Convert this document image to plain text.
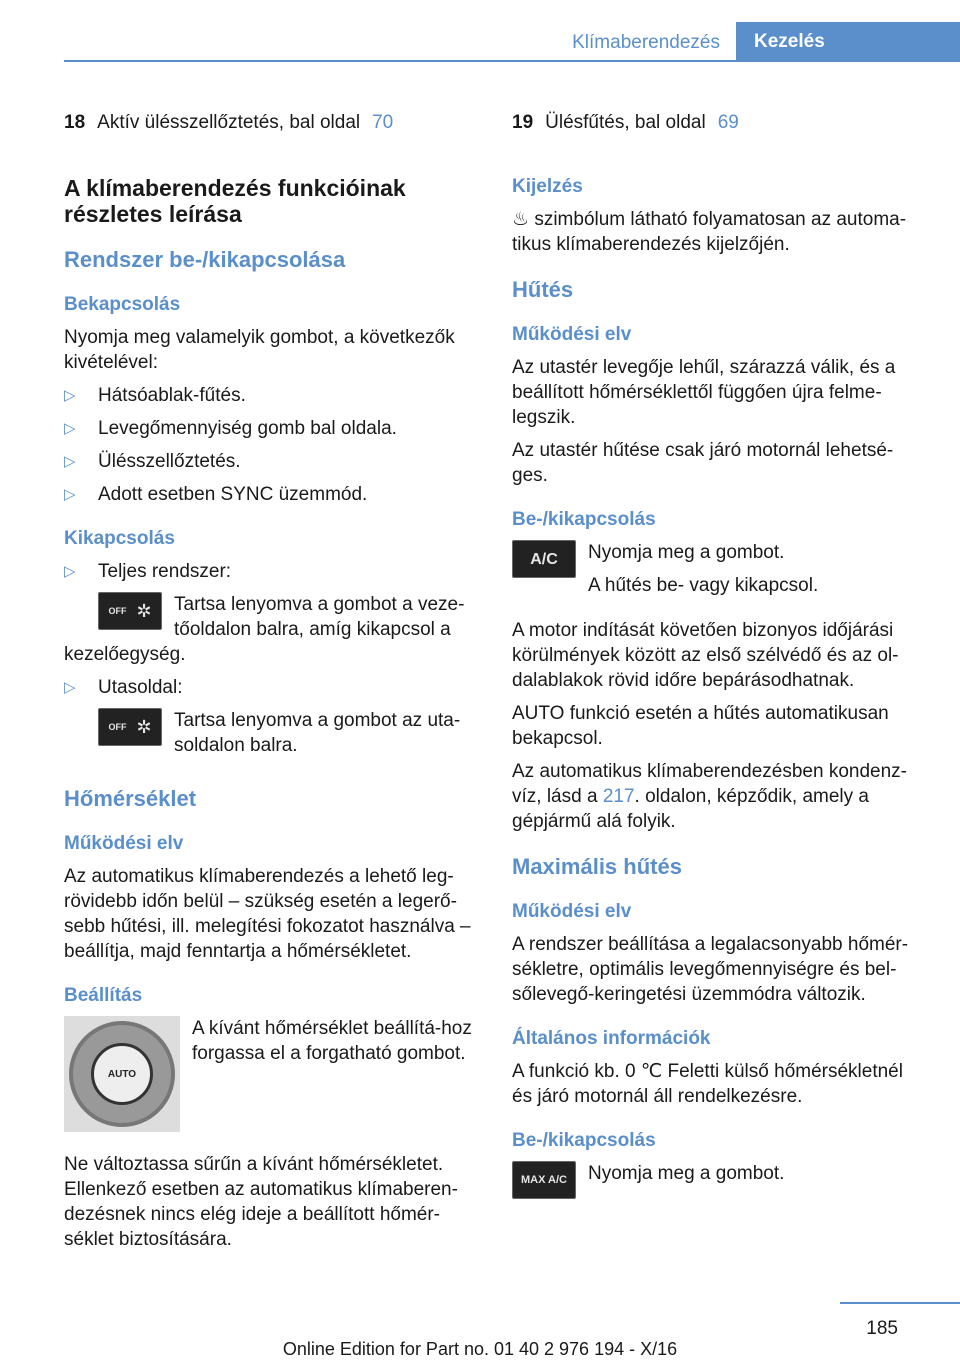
Klímaberendezés	Kezelés
18 Aktív ülésszellőztetés, bal oldal 70
A klímaberendezés funkcióinak részletes leírása
Rendszer be-/kikapcsolása
Bekapcsolás

Nyomja meg valamelyik gombot, a következők kivételével:

▷	Hátsóablak-fűtés.
▷	Levegőmennyiség gomb bal oldala.
▷	Ülésszellőztetés.
▷	Adott esetben SYNC üzemmód.
Kikapcsolás
▷	Teljes rendszer:
OFF ✲	Tartsa lenyomva a gombot a veze-tőoldalon balra, amíg kikapcsol a

kezelőegység.

▷	Utasoldal:
OFF ✲	Tartsa lenyomva a gombot az uta-soldalon balra.
Hőmérséklet
Működési elv

Az automatikus klímaberendezés a lehető leg-rövidebb időn belül – szükség esetén a legerő-sebb hűtési, ill. melegítési fokozatot használva – beállítja, majd fenntartja a hőmérsékletet.

Beállítás
AUTO
A kívánt hőmérséklet beállítá-hoz forgassa el a forgatható gombot.

Ne változtassa sűrűn a kívánt hőmérsékletet. Ellenkező esetben az automatikus klímaberen-dezésnek nincs elég ideje a beállított hőmér-séklet biztosítására.

19 Ülésfűtés, bal oldal 69
Kijelzés

♨ szimbólum látható folyamatosan az automa-tikus klímaberendezés kijelzőjén.

Hűtés
Működési elv

Az utastér levegője lehűl, szárazzá válik, és a beállított hőmérséklettől függően újra felme-legszik.

Az utastér hűtése csak járó motornál lehetsé-ges.

Be-/kikapcsolás
A/C	Nyomja meg a gombot.

A hűtés be- vagy kikapcsol.

A motor indítását követően bizonyos időjárási körülmények között az első szélvédő és az ol-dalablakok rövid időre bepárásodhatnak.

AUTO funkció esetén a hűtés automatikusan bekapcsol.

Az automatikus klímaberendezésben kondenz-víz, lásd a 217. oldalon, képződik, amely a gépjármű alá folyik.

Maximális hűtés
Működési elv

A rendszer beállítása a legalacsonyabb hőmér-sékletre, optimális levegőmennyiségre és bel-sőlevegő-keringetési üzemmódra változik.

Általános információk

A funkció kb. 0 ℃ Feletti külső hőmérsékletnél és járó motornál áll rendelkezésre.

Be-/kikapcsolás
MAX A/C	Nyomja meg a gombot.
185
Online Edition for Part no. 01 40 2 976 194 - X/16
